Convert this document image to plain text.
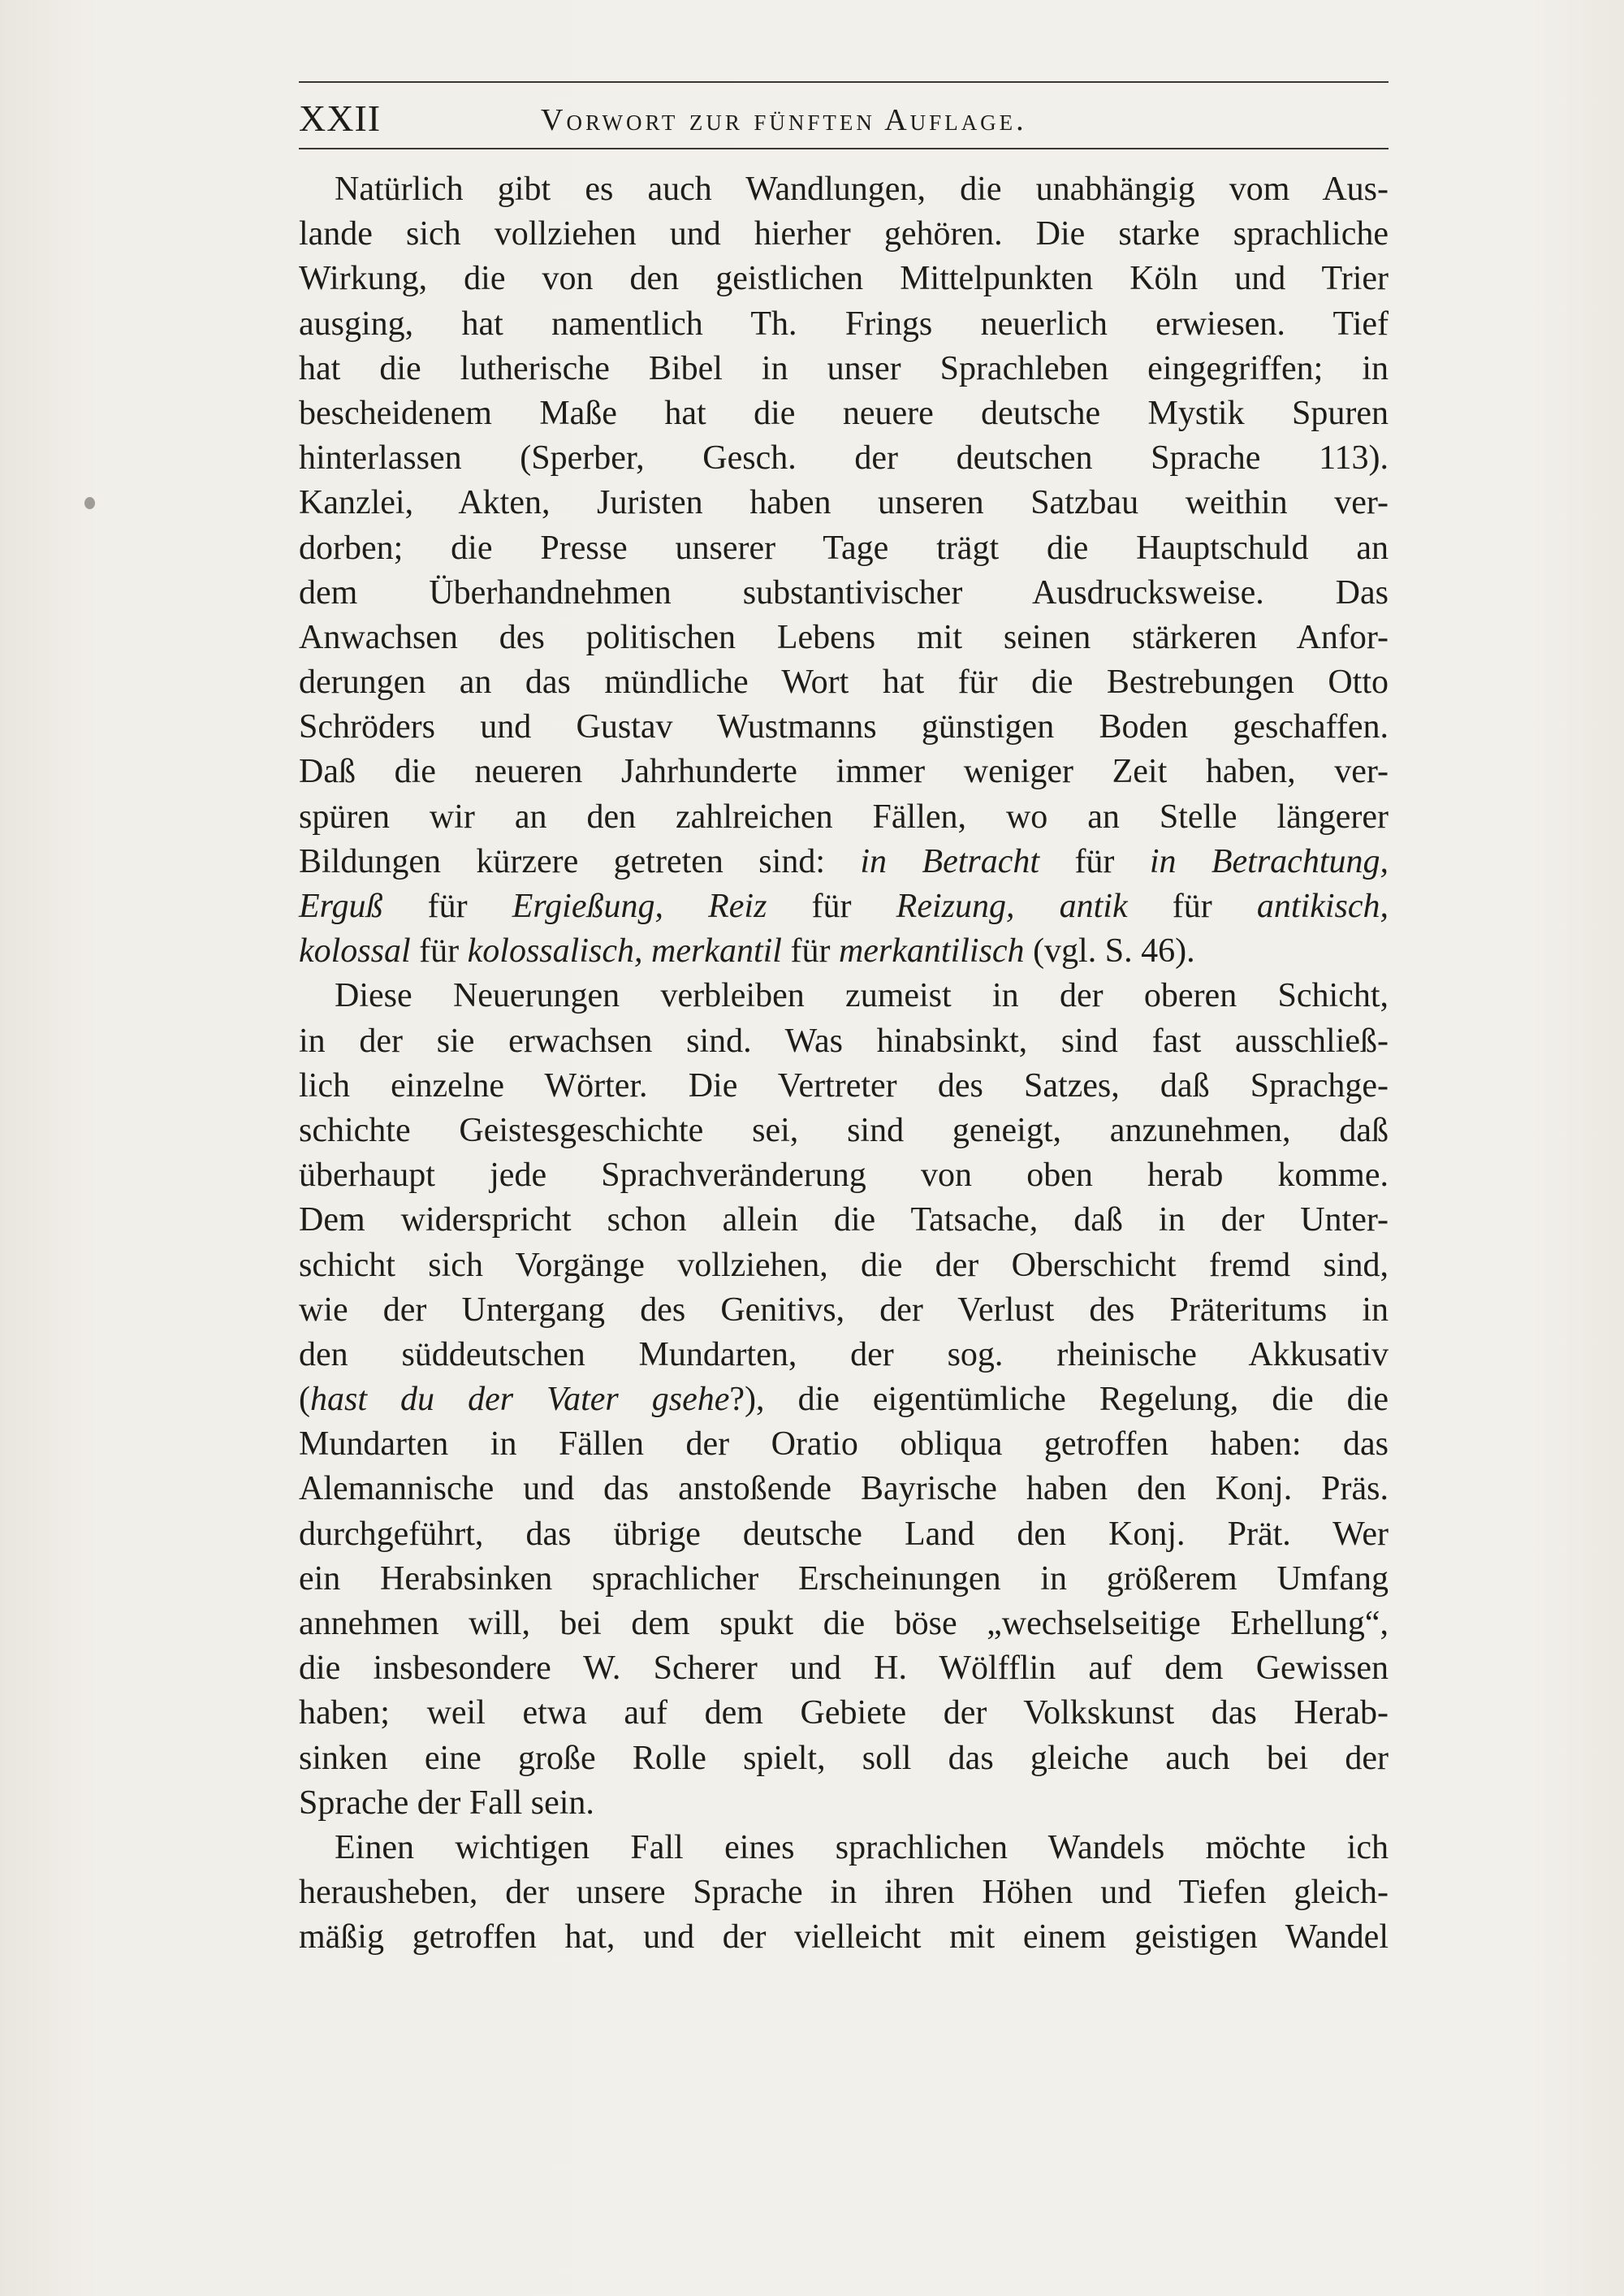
XXII	Vorwort zur fünften Auflage.
Natürlich gibt es auch Wandlungen, die unabhängig vom Aus-
lande sich vollziehen und hierher gehören. Die starke sprachliche
Wirkung, die von den geistlichen Mittelpunkten Köln und Trier
ausging, hat namentlich Th. Frings neuerlich erwiesen. Tief
hat die lutherische Bibel in unser Sprachleben eingegriffen; in
bescheidenem Maße hat die neuere deutsche Mystik Spuren
hinterlassen (Sperber, Gesch. der deutschen Sprache 113).
Kanzlei, Akten, Juristen haben unseren Satzbau weithin ver-
dorben; die Presse unserer Tage trägt die Hauptschuld an
dem Überhandnehmen substantivischer Ausdrucksweise. Das
Anwachsen des politischen Lebens mit seinen stärkeren Anfor-
derungen an das mündliche Wort hat für die Bestrebungen Otto
Schröders und Gustav Wustmanns günstigen Boden geschaffen.
Daß die neueren Jahrhunderte immer weniger Zeit haben, ver-
spüren wir an den zahlreichen Fällen, wo an Stelle längerer
Bildungen kürzere getreten sind: in Betracht für in Betrachtung,
Erguß für Ergießung, Reiz für Reizung, antik für antikisch,
kolossal für kolossalisch, merkantil für merkantilisch (vgl. S. 46).
Diese Neuerungen verbleiben zumeist in der oberen Schicht,
in der sie erwachsen sind. Was hinabsinkt, sind fast ausschließ-
lich einzelne Wörter. Die Vertreter des Satzes, daß Sprachge-
schichte Geistesgeschichte sei, sind geneigt, anzunehmen, daß
überhaupt jede Sprachveränderung von oben herab komme.
Dem widerspricht schon allein die Tatsache, daß in der Unter-
schicht sich Vorgänge vollziehen, die der Oberschicht fremd sind,
wie der Untergang des Genitivs, der Verlust des Präteritums in
den süddeutschen Mundarten, der sog. rheinische Akkusativ
(hast du der Vater gsehe?), die eigentümliche Regelung, die die
Mundarten in Fällen der Oratio obliqua getroffen haben: das
Alemannische und das anstoßende Bayrische haben den Konj. Präs.
durchgeführt, das übrige deutsche Land den Konj. Prät. Wer
ein Herabsinken sprachlicher Erscheinungen in größerem Umfang
annehmen will, bei dem spukt die böse „wechselseitige Erhellung“,
die insbesondere W. Scherer und H. Wölfflin auf dem Gewissen
haben; weil etwa auf dem Gebiete der Volkskunst das Herab-
sinken eine große Rolle spielt, soll das gleiche auch bei der
Sprache der Fall sein.
Einen wichtigen Fall eines sprachlichen Wandels möchte ich
herausheben, der unsere Sprache in ihren Höhen und Tiefen gleich-
mäßig getroffen hat, und der vielleicht mit einem geistigen Wandel
